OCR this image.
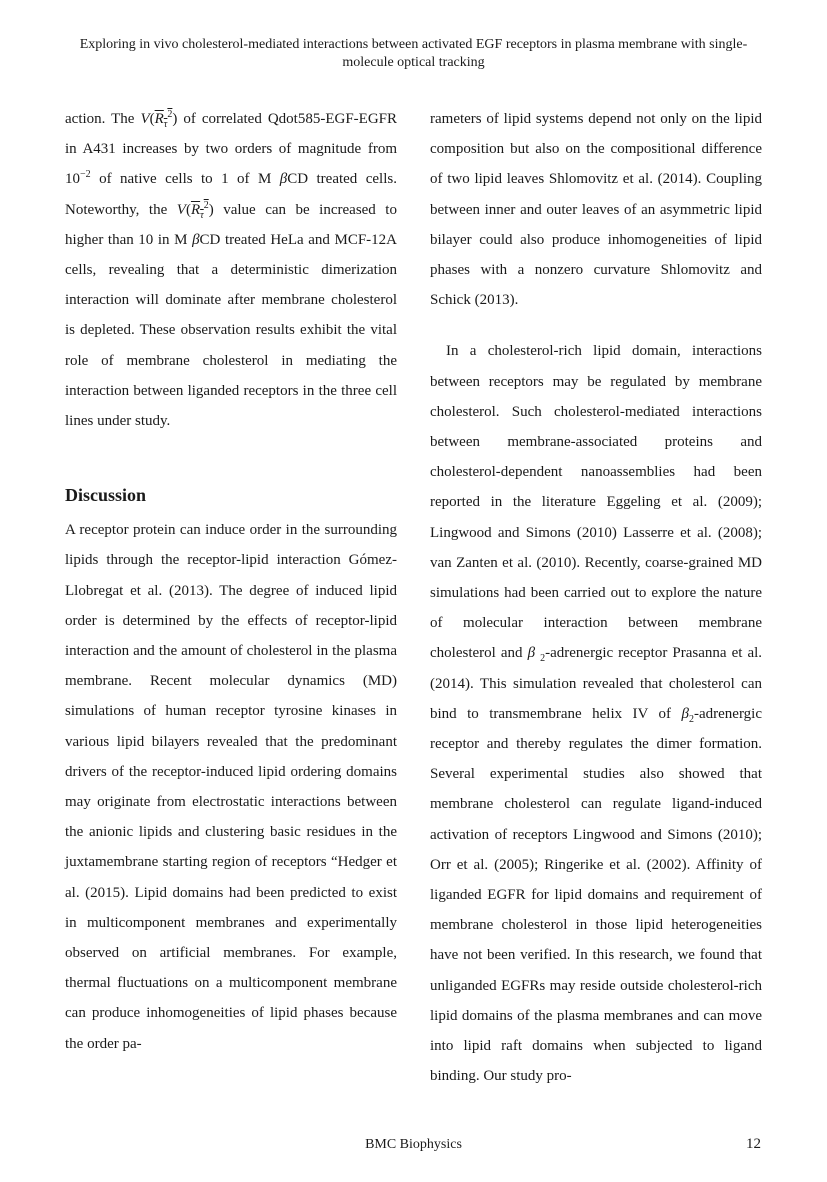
Exploring in vivo cholesterol-mediated interactions between activated EGF receptors in plasma membrane with single-molecule optical tracking

action. The $V(R_\tau^2)$ of correlated Qdot585-EGF-EGFR in A431 increases by two orders of magnitude from $10^{-2}$ of native cells to 1 of M βCD treated cells. Noteworthy, the $V(R_\tau^2)$ value can be increased to higher than 10 in M βCD treated HeLa and MCF-12A cells, revealing that a deterministic dimerization interaction will dominate after membrane cholesterol is depleted. These observation results exhibit the vital role of membrane cholesterol in mediating the interaction between liganded receptors in the three cell lines under study.

Discussion

A receptor protein can induce order in the surrounding lipids through the receptor-lipid interaction Gómez-Llobregat et al. (2013). The degree of induced lipid order is determined by the effects of receptor-lipid interaction and the amount of cholesterol in the plasma membrane. Recent molecular dynamics (MD) simulations of human receptor tyrosine kinases in various lipid bilayers revealed that the predominant drivers of the receptor-induced lipid ordering domains may originate from electrostatic interactions between the anionic lipids and clustering basic residues in the juxtamembrane starting region of receptors “Hedger et al. (2015). Lipid domains had been predicted to exist in multicomponent membranes and experimentally observed on artificial membranes. For example, thermal fluctuations on a multicomponent membrane can produce inhomogeneities of lipid phases because the order pa-

rameters of lipid systems depend not only on the lipid composition but also on the compositional difference of two lipid leaves Shlomovitz et al. (2014). Coupling between inner and outer leaves of an asymmetric lipid bilayer could also produce inhomogeneities of lipid phases with a nonzero curvature Shlomovitz and Schick (2013).

In a cholesterol-rich lipid domain, interactions between receptors may be regulated by membrane cholesterol. Such cholesterol-mediated interactions between membrane-associated proteins and cholesterol-dependent nanoassemblies had been reported in the literature Eggeling et al. (2009); Lingwood and Simons (2010) Lasserre et al. (2008); van Zanten et al. (2010). Recently, coarse-grained MD simulations had been carried out to explore the nature of molecular interaction between membrane cholesterol and β $_2$-adrenergic receptor Prasanna et al. (2014). This simulation revealed that cholesterol can bind to transmembrane helix IV of $\beta_2$-adrenergic receptor and thereby regulates the dimer formation. Several experimental studies also showed that membrane cholesterol can regulate ligand-induced activation of receptors Lingwood and Simons (2010); Orr et al. (2005); Ringerike et al. (2002). Affinity of liganded EGFR for lipid domains and requirement of membrane cholesterol in those lipid heterogeneities have not been verified. In this research, we found that unliganded EGFRs may reside outside cholesterol-rich lipid domains of the plasma membranes and can move into lipid raft domains when subjected to ligand binding. Our study pro-

BMC Biophysics	12
